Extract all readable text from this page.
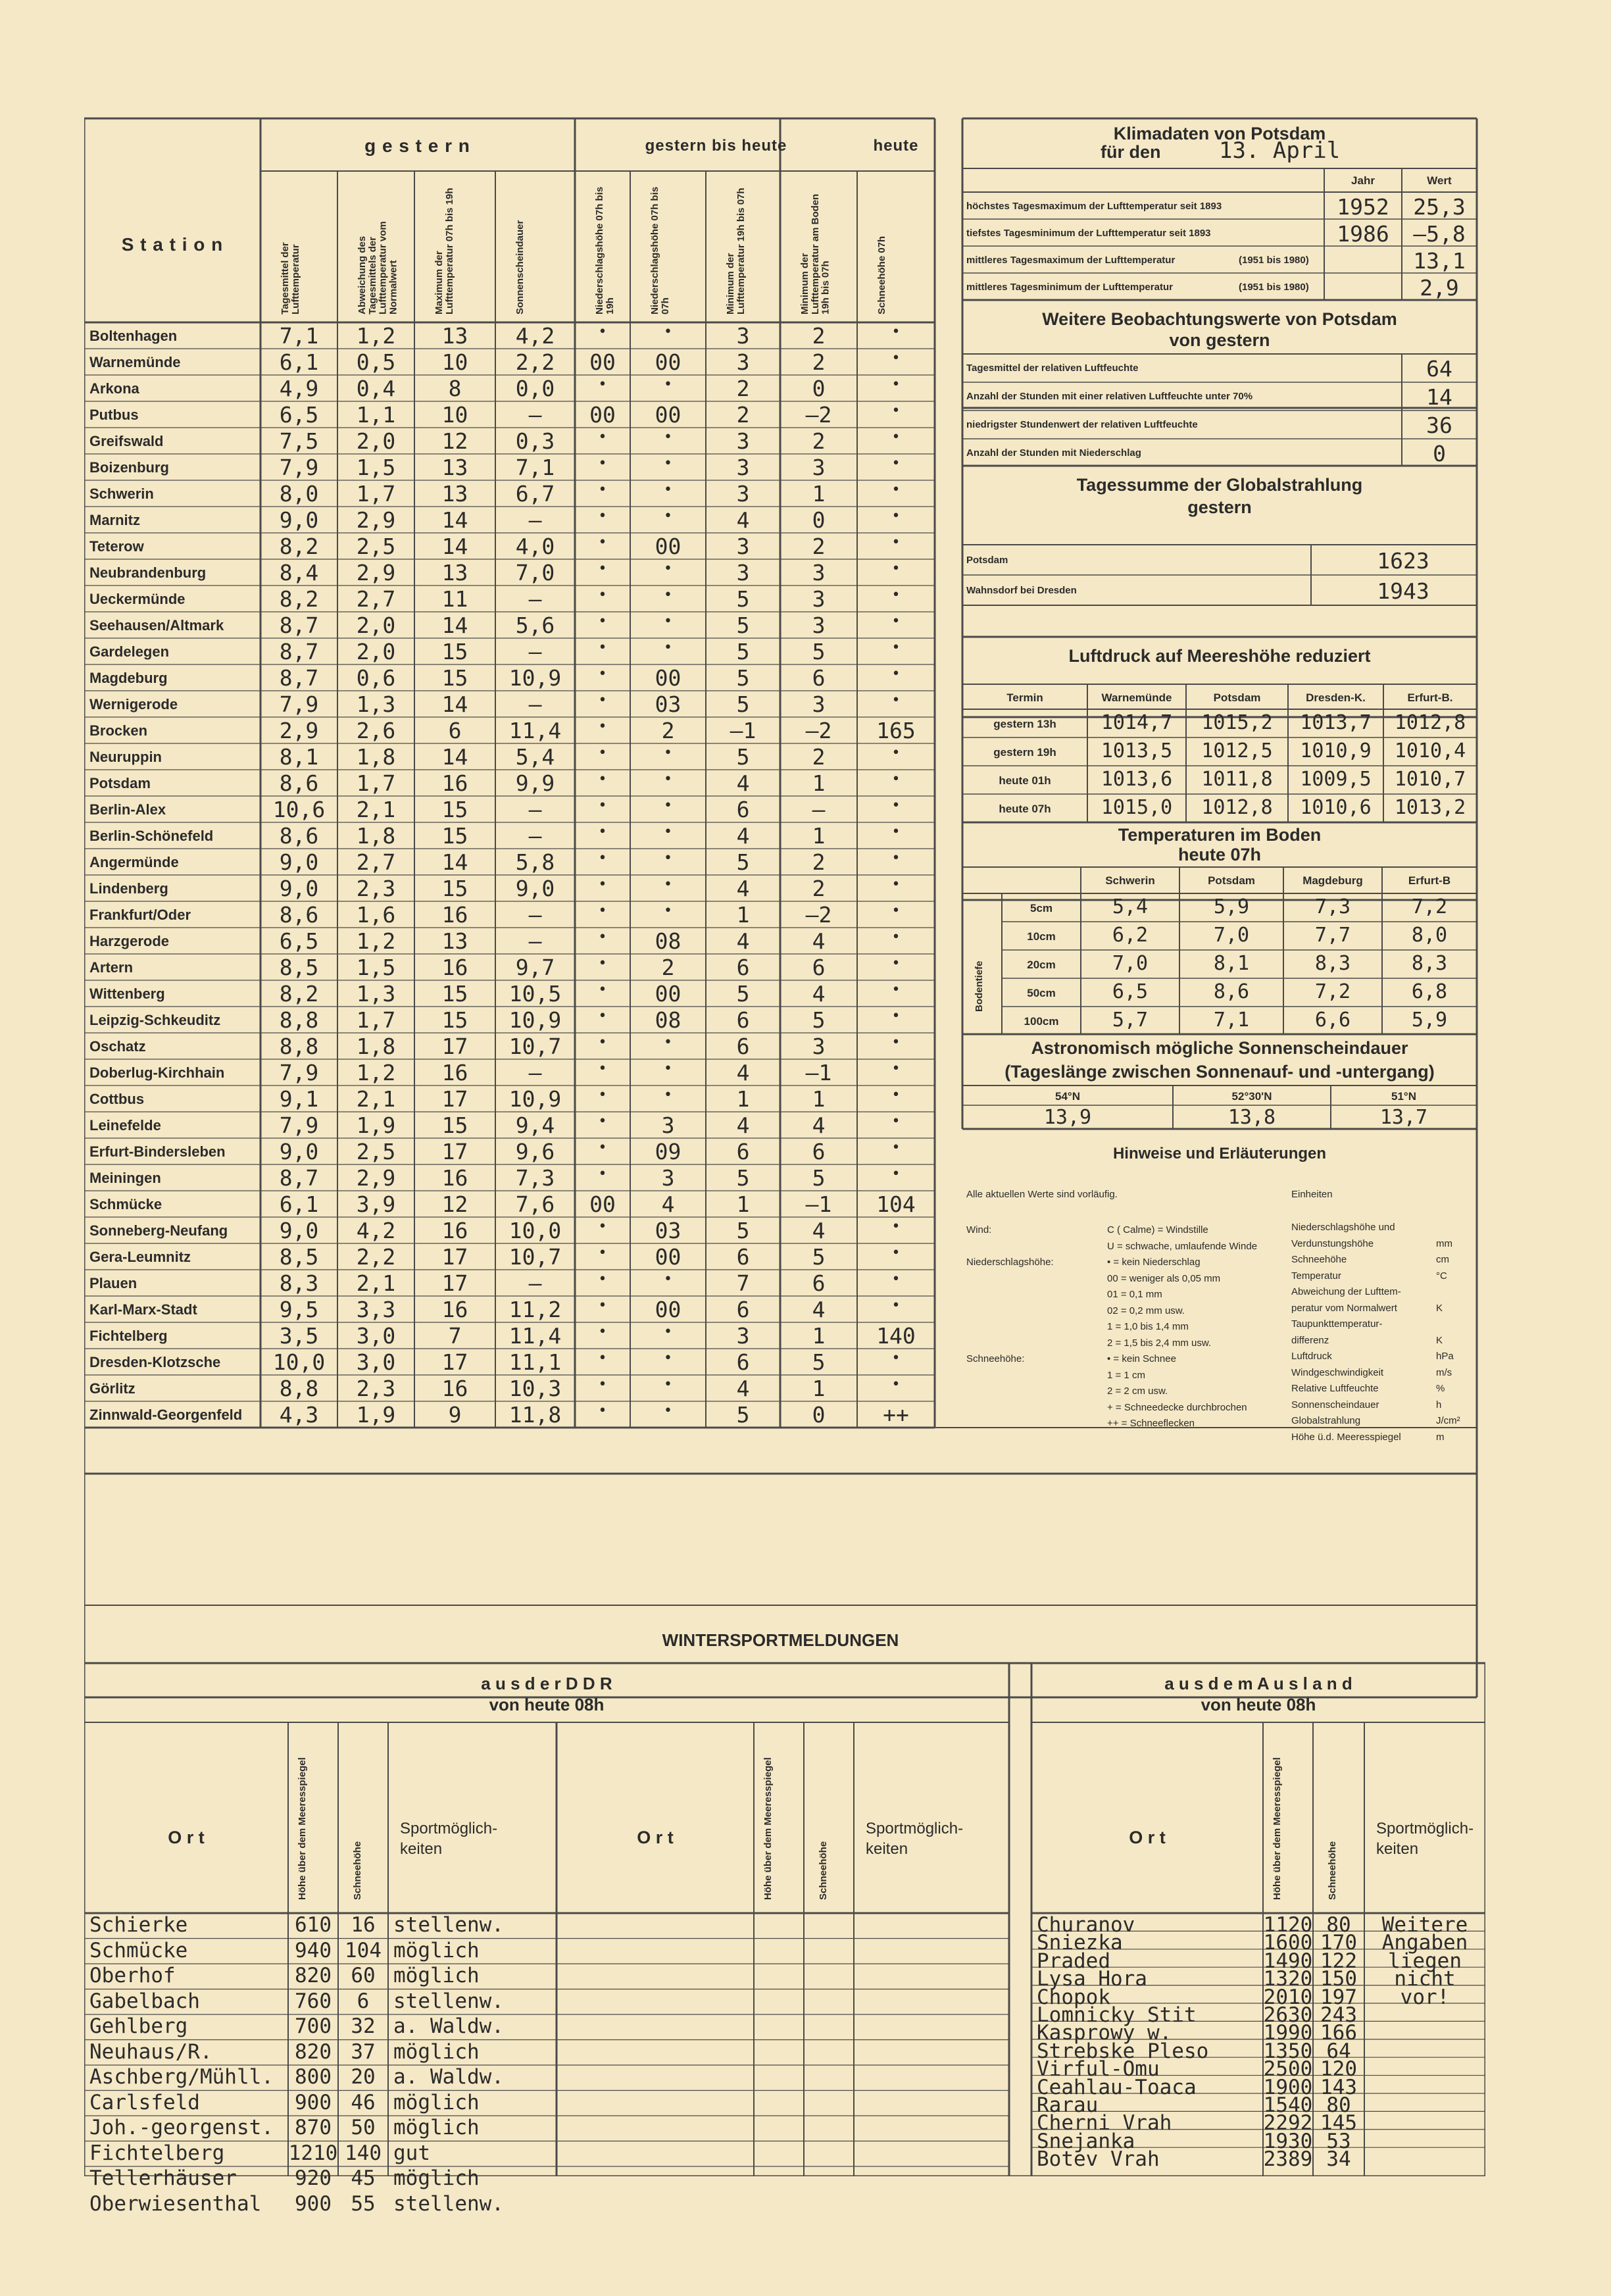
g e s t e r n	gestern bis heute	heute
S t a t i o n	Tagesmittel der Lufttemperatur	Abweichung des Tagesmittels der Lufttemperatur vom Normalwert	Maximum der Lufttemperatur 07h bis 19h	Sonnenscheindauer	Niederschlagshöhe 07h bis 19h	Niederschlagshöhe 07h bis 07h	Minimum der Lufttemperatur 19h bis 07h	Minimum der Lufttemperatur am Boden 19h bis 07h	Schneehöhe 07h
Boltenhagen	7,1	1,2	13	4,2	•	•	3	2	•
Warnemünde	6,1	0,5	10	2,2	00	00	3	2	•
Arkona	4,9	0,4	8	0,0	•	•	2	0	•
Putbus	6,5	1,1	10	–	00	00	2	–2	•
Greifswald	7,5	2,0	12	0,3	•	•	3	2	•
Boizenburg	7,9	1,5	13	7,1	•	•	3	3	•
Schwerin	8,0	1,7	13	6,7	•	•	3	1	•
Marnitz	9,0	2,9	14	–	•	•	4	0	•
Teterow	8,2	2,5	14	4,0	•	00	3	2	•
Neubrandenburg	8,4	2,9	13	7,0	•	•	3	3	•
Ueckermünde	8,2	2,7	11	–	•	•	5	3	•
Seehausen/Altmark	8,7	2,0	14	5,6	•	•	5	3	•
Gardelegen	8,7	2,0	15	–	•	•	5	5	•
Magdeburg	8,7	0,6	15	10,9	•	00	5	6	•
Wernigerode	7,9	1,3	14	–	•	03	5	3	•
Brocken	2,9	2,6	6	11,4	•	2	–1	–2	165
Neuruppin	8,1	1,8	14	5,4	•	•	5	2	•
Potsdam	8,6	1,7	16	9,9	•	•	4	1	•
Berlin-Alex	10,6	2,1	15	–	•	•	6	–	•
Berlin-Schönefeld	8,6	1,8	15	–	•	•	4	1	•
Angermünde	9,0	2,7	14	5,8	•	•	5	2	•
Lindenberg	9,0	2,3	15	9,0	•	•	4	2	•
Frankfurt/Oder	8,6	1,6	16	–	•	•	1	–2	•
Harzgerode	6,5	1,2	13	–	•	08	4	4	•
Artern	8,5	1,5	16	9,7	•	2	6	6	•
Wittenberg	8,2	1,3	15	10,5	•	00	5	4	•
Leipzig-Schkeuditz	8,8	1,7	15	10,9	•	08	6	5	•
Oschatz	8,8	1,8	17	10,7	•	•	6	3	•
Doberlug-Kirchhain	7,9	1,2	16	–	•	•	4	–1	•
Cottbus	9,1	2,1	17	10,9	•	•	1	1	•
Leinefelde	7,9	1,9	15	9,4	•	3	4	4	•
Erfurt-Bindersleben	9,0	2,5	17	9,6	•	09	6	6	•
Meiningen	8,7	2,9	16	7,3	•	3	5	5	•
Schmücke	6,1	3,9	12	7,6	00	4	1	–1	104
Sonneberg-Neufang	9,0	4,2	16	10,0	•	03	5	4	•
Gera-Leumnitz	8,5	2,2	17	10,7	•	00	6	5	•
Plauen	8,3	2,1	17	–	•	•	7	6	•
Karl-Marx-Stadt	9,5	3,3	16	11,2	•	00	6	4	•
Fichtelberg	3,5	3,0	7	11,4	•	•	3	1	140
Dresden-Klotzsche	10,0	3,0	17	11,1	•	•	6	5	•
Görlitz	8,8	2,3	16	10,3	•	•	4	1	•
Zinnwald-Georgenfeld	4,3	1,9	9	11,8	•	•	5	0	++
Klimadaten von Potsdam
für den	13. April
Jahr	Wert
höchstes Tagesmaximum der Lufttemperatur seit 1893	1952	25,3
tiefstes Tagesminimum der Lufttemperatur seit 1893	1986	–5,8
mittleres Tagesmaximum der Lufttemperatur	(1951 bis 1980)	13,1
mittleres Tagesminimum der Lufttemperatur	(1951 bis 1980)	2,9
Weitere Beobachtungswerte von Potsdam
von gestern
Tagesmittel der relativen Luftfeuchte	64
Anzahl der Stunden mit einer relativen Luftfeuchte unter 70%	14
niedrigster Stundenwert der relativen Luftfeuchte	36
Anzahl der Stunden mit Niederschlag	0
Tagessumme der Globalstrahlung
gestern
Potsdam	1623
Wahnsdorf bei Dresden	1943
Luftdruck auf Meereshöhe reduziert
Termin	Warnemünde	Potsdam	Dresden-K.	Erfurt-B.
gestern 13h	1014,7	1015,2	1013,7	1012,8
gestern 19h	1013,5	1012,5	1010,9	1010,4
heute 01h	1013,6	1011,8	1009,5	1010,7
heute 07h	1015,0	1012,8	1010,6	1013,2
Temperaturen im Boden
heute 07h
Schwerin	Potsdam	Magdeburg	Erfurt-B
Bodentiefe
5cm	5,4	5,9	7,3	7,2
10cm	6,2	7,0	7,7	8,0
20cm	7,0	8,1	8,3	8,3
50cm	6,5	8,6	7,2	6,8
100cm	5,7	7,1	6,6	5,9
Astronomisch mögliche Sonnenscheindauer
(Tageslänge zwischen Sonnenauf- und -untergang)
54°N	52°30'N	51°N
13,9	13,8	13,7
Hinweise und Erläuterungen
Alle aktuellen Werte sind vorläufig.	Einheiten
Wind:	C ( Calme) = Windstille
U = schwache, umlaufende Winde
Niederschlagshöhe:	• = kein Niederschlag
00 = weniger als 0,05 mm
01 = 0,1 mm
02 = 0,2 mm usw.
1 = 1,0 bis 1,4 mm
2 = 1,5 bis 2,4 mm usw.
Schneehöhe:	• = kein Schnee
1 = 1 cm
2 = 2 cm usw.
+ = Schneedecke durchbrochen
++ = Schneeflecken
Niederschlagshöhe und
Verdunstungshöhe	mm
Schneehöhe	cm
Temperatur	°C
Abweichung der Lufttem-
peratur vom Normalwert	K
Taupunkttemperatur-
differenz	K
Luftdruck	hPa
Windgeschwindigkeit	m/s
Relative Luftfeuchte	%
Sonnenscheindauer	h
Globalstrahlung	J/cm²
Höhe ü.d. Meeresspiegel	m
WINTERSPORTMELDUNGEN
a u s d e r D D R
von heute 08h
a u s d e m A u s l a n d
von heute 08h
O r t	Höhe über dem Meeresspiegel	Schneehöhe
Sportmöglich- keiten
O r t	Höhe über dem Meeresspiegel	Schneehöhe
Sportmöglich- keiten
Schierke	610 16 stellenw.
Schmücke	940 104 möglich
Oberhof	820 60 möglich
Gabelbach	760	6	stellenw.
Gehlberg	700 32 a. Waldw.
Neuhaus/R.	820 37 möglich
Aschberg/Mühll.	800 20 a. Waldw.
Carlsfeld	900 46 möglich
Joh.-georgenst.	870 50 möglich
Fichtelberg	1210 140 gut
Tellerhäuser	920 45 möglich
Oberwiesenthal	900 55 stellenw.
O r t	Höhe über dem Meeresspiegel	Schneehöhe
Sportmöglich- keiten
Churanov	1120 80
Sniezka	1600 170
Praded	1490 122
Lysa Hora	1320 150
Chopok	2010 197
Lomnicky Stit	2630 243
Kasprowy w.	1990 166
Strebske Pleso	1350 64
Virful-Omu	2500 120
Ceahlau-Toaca	1900 143
Rarau	1540 80
Cherni Vrah	2292 145
Snejanka	1930 53
Botev Vrah	2389 34
Weitere
Angaben
liegen
nicht
vor!
